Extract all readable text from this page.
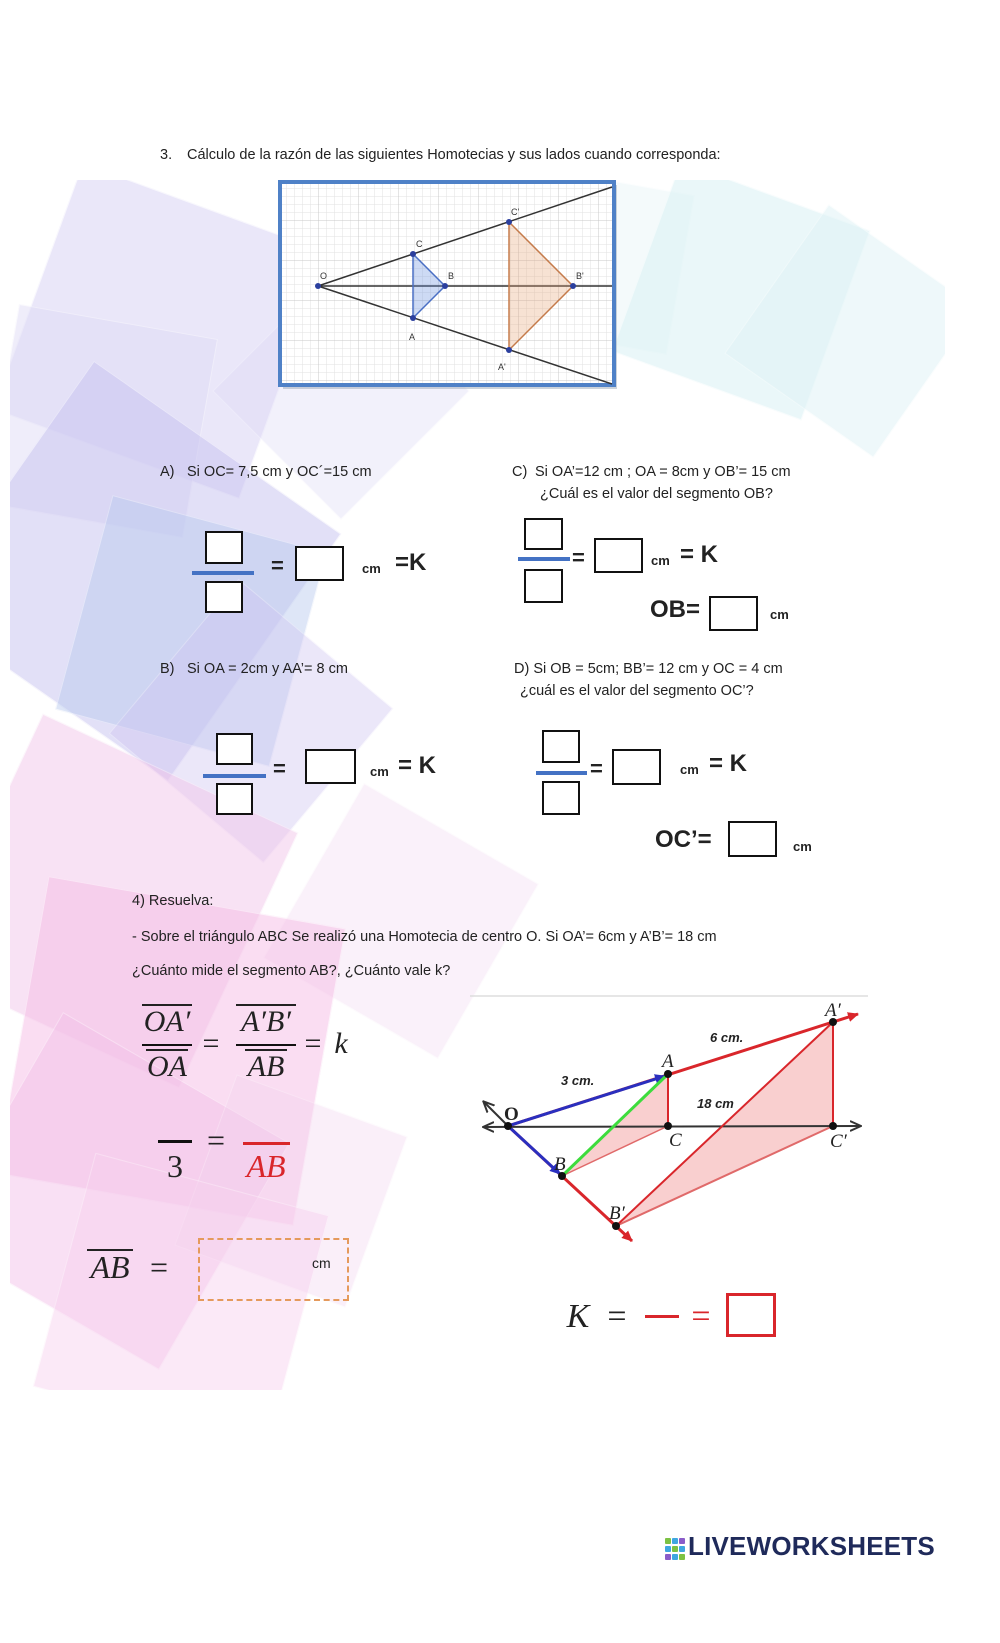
3. Cálculo de la razón de las siguientes Homotecias y sus lados cuando corresponda:
O
C
B
A
C'
B'
A'
A) Si OC= 7,5 cm y OC´=15 cm
=	cm =K
C) Si OA’=12 cm ; OA = 8cm y OB’= 15 cm
¿Cuál es el valor del segmento OB?
=	cm = K
OB=	cm
B) Si OA = 2cm y AA’= 8 cm
=	cm = K
D) Si OB = 5cm; BB’= 12 cm y OC = 4 cm
¿cuál es el valor del segmento OC’?
=	cm = K
OC’=	cm
4) Resuelva:
- Sobre el triángulo ABC Se realizó una Homotecia de centro O. Si OA’= 6cm y A’B’= 18 cm
¿Cuánto mide el segmento AB?, ¿Cuánto vale k?
OA′
OA
=
A′B′
AB
= k
3
=
AB
AB =	cm
O
A
A′
C	C′
B
B′
6 cm.
3 cm.
18 cm
K = =
LIVEWORKSHEETS
